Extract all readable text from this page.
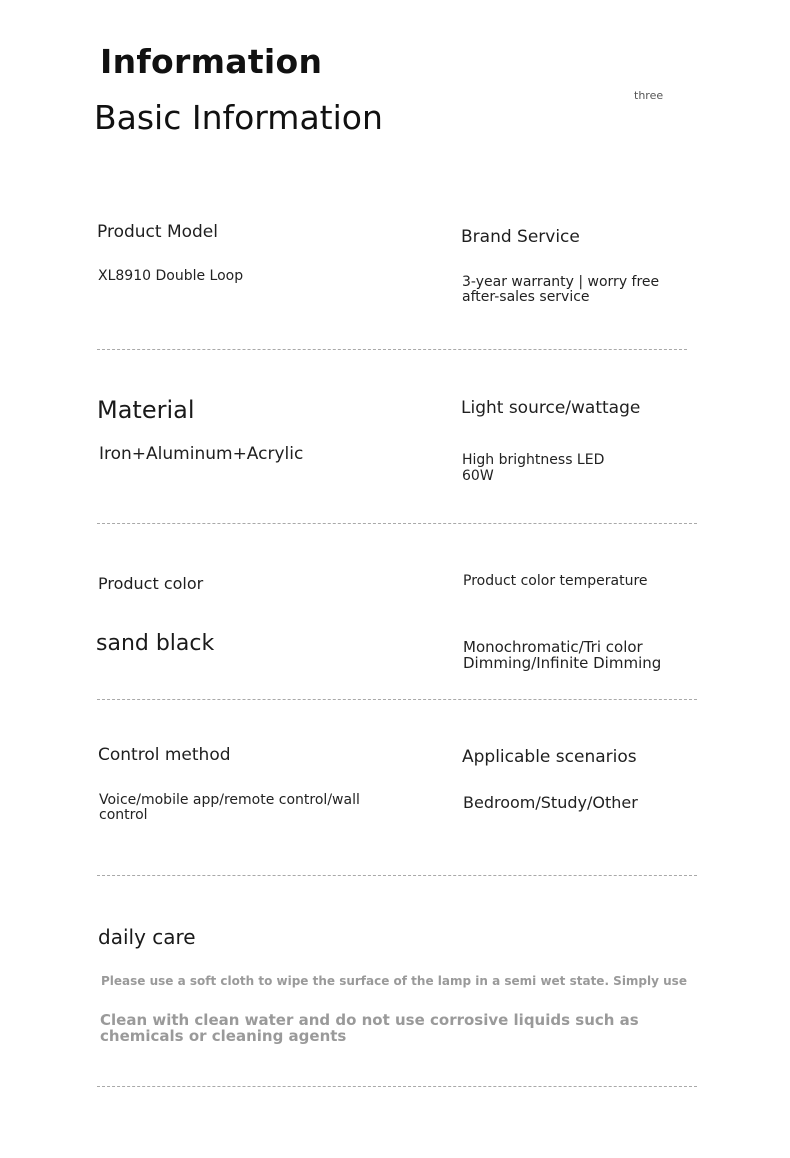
Information
Basic Information
three
Product Model
XL8910 Double Loop
Brand Service
3-year warranty | worry free
after-sales service
Material
Iron+Aluminum+Acrylic
Light source/wattage
High brightness LED
60W
Product color
sand black
Product color temperature
Monochromatic/Tri color
Dimming/Infinite Dimming
Control method
Voice/mobile app/remote control/wall
control
Applicable scenarios
Bedroom/Study/Other
daily care
Please use a soft cloth to wipe the surface of the lamp in a semi wet state. Simply use
Clean with clean water and do not use corrosive liquids such as
chemicals or cleaning agents
